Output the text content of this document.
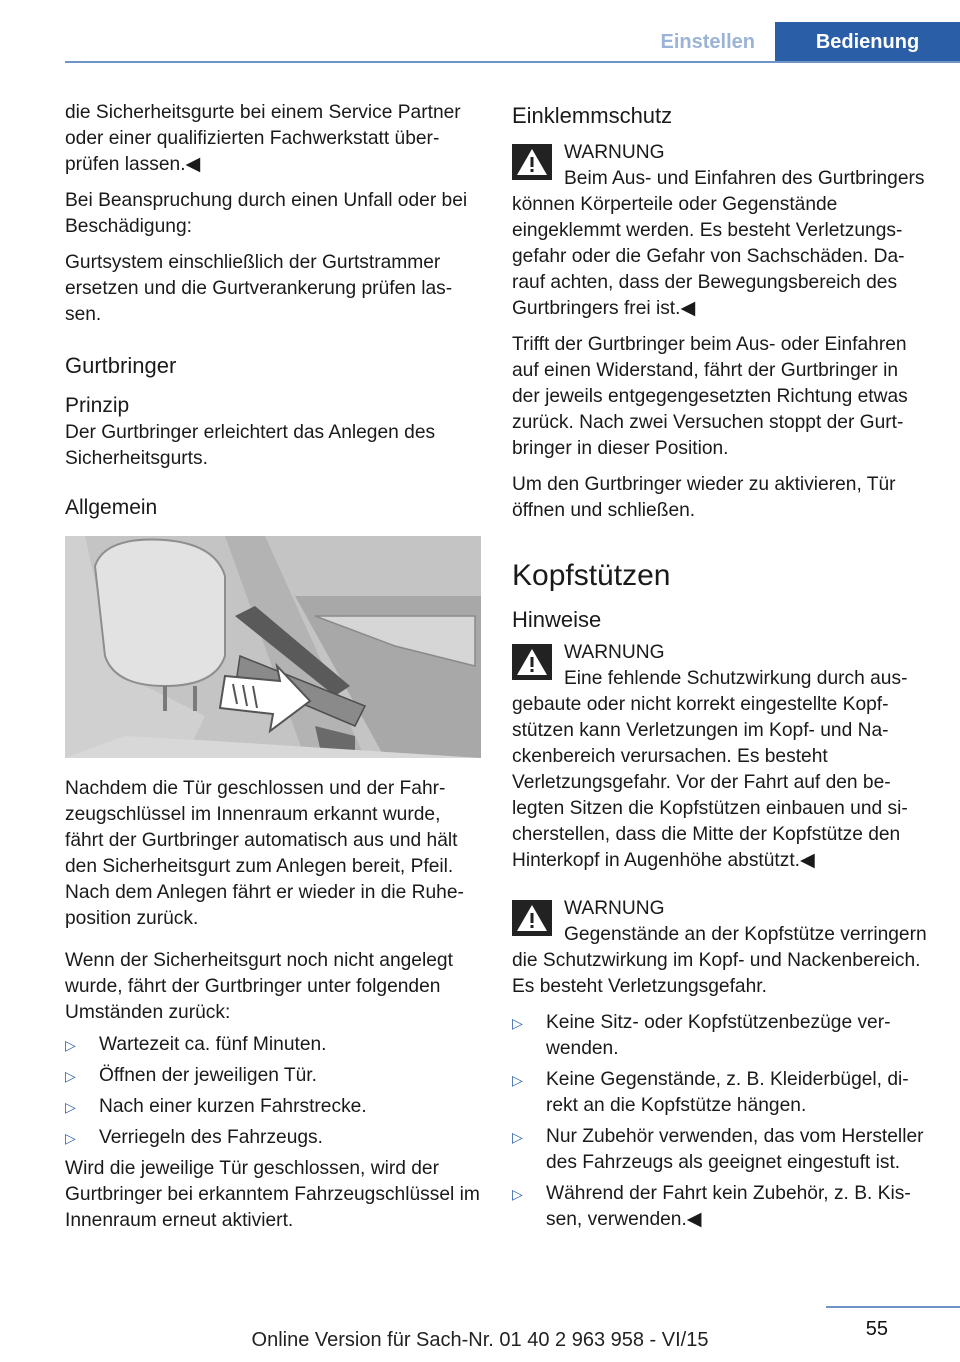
Einstellen	Bedienung

die Sicherheitsgurte bei einem Service Partner oder einer qualifizierten Fachwerkstatt überprüfen lassen.◀

Bei Beanspruchung durch einen Unfall oder bei Beschädigung:

Gurtsystem einschließlich der Gurtstrammer ersetzen und die Gurtverankerung prüfen lassen.

Gurtbringer
Prinzip

Der Gurtbringer erleichtert das Anlegen des Sicherheitsgurts.

Allgemein

Nachdem die Tür geschlossen und der Fahrzeugschlüssel im Innenraum erkannt wurde, fährt der Gurtbringer automatisch aus und hält den Sicherheitsgurt zum Anlegen bereit, Pfeil. Nach dem Anlegen fährt er wieder in die Ruheposition zurück.

Wenn der Sicherheitsgurt noch nicht angelegt wurde, fährt der Gurtbringer unter folgenden Umständen zurück:

▷ Wartezeit ca. fünf Minuten.
▷ Öffnen der jeweiligen Tür.
▷ Nach einer kurzen Fahrstrecke.
▷ Verriegeln des Fahrzeugs.

Wird die jeweilige Tür geschlossen, wird der Gurtbringer bei erkanntem Fahrzeugschlüssel im Innenraum erneut aktiviert.

Einklemmschutz
WARNUNG
Beim Aus- und Einfahren des Gurtbringers können Körperteile oder Gegenstände eingeklemmt werden. Es besteht Verletzungsgefahr oder die Gefahr von Sachschäden. Darauf achten, dass der Bewegungsbereich des Gurtbringers frei ist.◀

Trifft der Gurtbringer beim Aus- oder Einfahren auf einen Widerstand, fährt der Gurtbringer in der jeweils entgegengesetzten Richtung etwas zurück. Nach zwei Versuchen stoppt der Gurtbringer in dieser Position.

Um den Gurtbringer wieder zu aktivieren, Tür öffnen und schließen.

Kopfstützen
Hinweise
WARNUNG
Eine fehlende Schutzwirkung durch ausgebaute oder nicht korrekt eingestellte Kopfstützen kann Verletzungen im Kopf- und Nackenbereich verursachen. Es besteht Verletzungsgefahr. Vor der Fahrt auf den belegten Sitzen die Kopfstützen einbauen und sicherstellen, dass die Mitte der Kopfstütze den Hinterkopf in Augenhöhe abstützt.◀
WARNUNG
Gegenstände an der Kopfstütze verringern die Schutzwirkung im Kopf- und Nackenbereich. Es besteht Verletzungsgefahr.
▷ Keine Sitz- oder Kopfstützenbezüge verwenden.
▷ Keine Gegenstände, z. B. Kleiderbügel, direkt an die Kopfstütze hängen.
▷ Nur Zubehör verwenden, das vom Hersteller des Fahrzeugs als geeignet eingestuft ist.
▷ Während der Fahrt kein Zubehör, z. B. Kissen, verwenden.◀
55
Online Version für Sach-Nr. 01 40 2 963 958 - VI/15
